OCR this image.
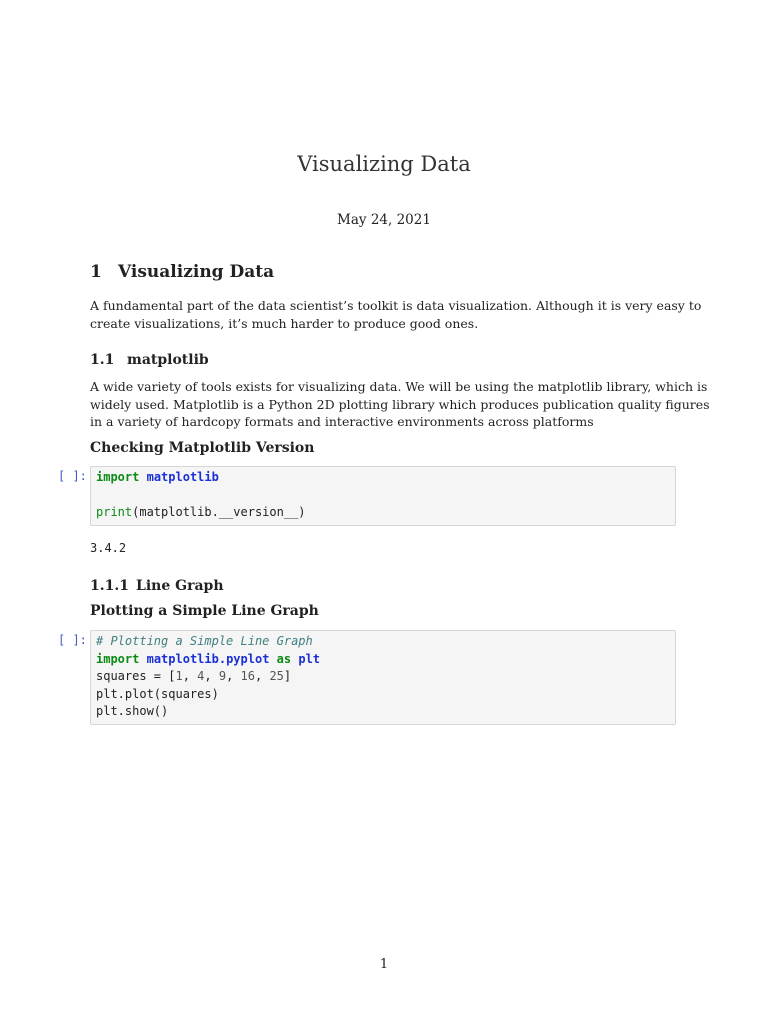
Visualizing Data
May 24, 2021
1 Visualizing Data
A fundamental part of the data scientist’s toolkit is data visualization. Although it is very easy to
create visualizations, it’s much harder to produce good ones.
1.1 matplotlib
A wide variety of tools exists for visualizing data. We will be using the matplotlib library, which is
widely used. Matplotlib is a Python 2D plotting library which produces publication quality figures
in a variety of hardcopy formats and interactive environments across platforms
Checking Matplotlib Version
[ ]: import matplotlib
print(matplotlib.__version__)
3.4.2
1.1.1 Line Graph
Plotting a Simple Line Graph
[ ]: # Plotting a Simple Line Graph
import matplotlib.pyplot as plt
squares = [1, 4, 9, 16, 25]
plt.plot(squares)
plt.show()
1
